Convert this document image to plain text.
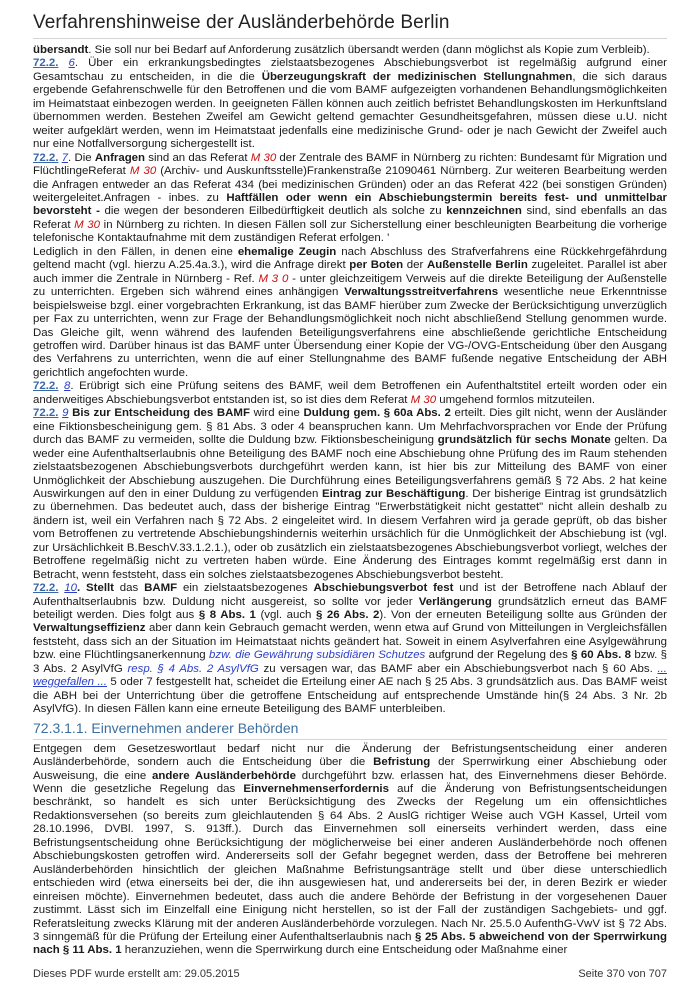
Verfahrenshinweise der Ausländerbehörde Berlin

übersandt. Sie soll nur bei Bedarf auf Anforderung zusätzlich übersandt werden (dann möglichst als Kopie zum Verbleib).

72.2. 6. Über ein erkrankungsbedingtes zielstaatsbezogenes Abschiebungsverbot ist regelmäßig aufgrund einer Gesamtschau zu entscheiden, in die die Überzeugungskraft der medizinischen Stellungnahmen, die sich daraus ergebende Gefahrenschwelle für den Betroffenen und die vom BAMF aufgezeigten vorhandenen Behandlungsmöglichkeiten im Heimatstaat einbezogen werden. In geeigneten Fällen können auch zeitlich befristet Behandlungskosten im Herkunftsland übernommen werden. Bestehen Zweifel am Gewicht geltend gemachter Gesundheitsgefahren, müssen diese u.U. nicht weiter aufgeklärt werden, wenn im Heimatstaat jedenfalls eine medizinische Grund- oder je nach Gewicht der Zweifel auch nur eine Notfallversorgung sichergestellt ist.

72.2. 7. Die Anfragen sind an das Referat M 30 der Zentrale des BAMF in Nürnberg zu richten: Bundesamt für Migration und FlüchtlingeReferat M 30 (Archiv- und Auskunftsstelle)Frankenstraße 21090461 Nürnberg. Zur weiteren Bearbeitung werden die Anfragen entweder an das Referat 434 (bei medizinischen Gründen) oder an das Referat 422 (bei sonstigen Gründen) weitergeleitet.Anfragen - inbes. zu Haftfällen oder wenn ein Abschiebungstermin bereits fest- und unmittelbar bevorsteht - die wegen der besonderen Eilbedürftigkeit deutlich als solche zu kennzeichnen sind, sind ebenfalls an das Referat M 30 in Nürnberg zu richten. In diesen Fällen soll zur Sicherstellung einer beschleunigten Bearbeitung die vorherige telefonische Kontaktaufnahme mit dem zuständigen Referat erfolgen. '

Lediglich in den Fällen, in denen eine ehemalige Zeugin nach Abschluss des Strafverfahrens eine Rückkehrgefährdung geltend macht (vgl. hierzu A.25.4a.3.), wird die Anfrage direkt per Boten der Außenstelle Berlin zugeleitet. Parallel ist aber auch immer die Zentrale in Nürnberg - Ref. M 3 0 - unter gleichzeitigem Verweis auf die direkte Beteiligung der Außenstelle zu unterrichten. Ergeben sich während eines anhängigen Verwaltungsstreitverfahrens wesentliche neue Erkenntnisse beispielsweise bzgl. einer vorgebrachten Erkrankung, ist das BAMF hierüber zum Zwecke der Berücksichtigung unverzüglich per Fax zu unterrichten, wenn zur Frage der Behandlungsmöglichkeit noch nicht abschließend Stellung genommen wurde. Das Gleiche gilt, wenn während des laufenden Beteiligungsverfahrens eine abschließende gerichtliche Entscheidung getroffen wird. Darüber hinaus ist das BAMF unter Übersendung einer Kopie der VG-/OVG-Entscheidung über den Ausgang des Verfahrens zu unterrichten, wenn die auf einer Stellungnahme des BAMF fußende negative Entscheidung der ABH gerichtlich angefochten wurde.

72.2. 8. Erübrigt sich eine Prüfung seitens des BAMF, weil dem Betroffenen ein Aufenthaltstitel erteilt worden oder ein anderweitiges Abschiebungsverbot entstanden ist, so ist dies dem Referat M 30 umgehend formlos mitzuteilen.

72.2. 9 Bis zur Entscheidung des BAMF wird eine Duldung gem. § 60a Abs. 2 erteilt. Dies gilt nicht, wenn der Ausländer eine Fiktionsbescheinigung gem. § 81 Abs. 3 oder 4 beanspruchen kann. Um Mehrfachvorsprachen vor Ende der Prüfung durch das BAMF zu vermeiden, sollte die Duldung bzw. Fiktionsbescheinigung grundsätzlich für sechs Monate gelten. Da weder eine Aufenthaltserlaubnis ohne Beteiligung des BAMF noch eine Abschiebung ohne Prüfung des im Raum stehenden zielstaatsbezogenen Abschiebungsverbots durchgeführt werden kann, ist hier bis zur Mitteilung des BAMF von einer Unmöglichkeit der Abschiebung auszugehen. Die Durchführung eines Beteiligungsverfahrens gemäß § 72 Abs. 2 hat keine Auswirkungen auf den in einer Duldung zu verfügenden Eintrag zur Beschäftigung. Der bisherige Eintrag ist grundsätzlich zu übernehmen. Das bedeutet auch, dass der bisherige Eintrag "Erwerbstätigkeit nicht gestattet" nicht allein deshalb zu ändern ist, weil ein Verfahren nach § 72 Abs. 2 eingeleitet wird. In diesem Verfahren wird ja gerade geprüft, ob das bisher vom Betroffenen zu vertretende Abschiebungshindernis weiterhin ursächlich für die Unmöglichkeit der Abschiebung ist (vgl. zur Ursächlichkeit B.BeschV.33.1.2.1.), oder ob zusätzlich ein zielstaatsbezogenes Abschiebungsverbot vorliegt, welches der Betroffene regelmäßig nicht zu vertreten haben würde. Eine Änderung des Eintrages kommt regelmäßig erst dann in Betracht, wenn feststeht, dass ein solches zielstaatsbezogenes Abschiebungsverbot besteht.

72.2. 10. Stellt das BAMF ein zielstaatsbezogenes Abschiebungsverbot fest und ist der Betroffene nach Ablauf der Aufenthaltserlaubnis bzw. Duldung nicht ausgereist, so sollte vor jeder Verlängerung grundsätzlich erneut das BAMF beteiligt werden. Dies folgt aus § 8 Abs. 1 (vgl. auch § 26 Abs. 2). Von der erneuten Beteiligung sollte aus Gründen der Verwaltungseffizienz aber dann kein Gebrauch gemacht werden, wenn etwa auf Grund von Mitteilungen in Vergleichsfällen feststeht, dass sich an der Situation im Heimatstaat nichts geändert hat. Soweit in einem Asylverfahren eine Asylgewährung bzw. eine Flüchtlingsanerkennung bzw. die Gewährung subsidiären Schutzes aufgrund der Regelung des § 60 Abs. 8 bzw. § 3 Abs. 2 AsylVfG resp. § 4 Abs. 2 AsylVfG zu versagen war, das BAMF aber ein Abschiebungsverbot nach § 60 Abs. ... weggefallen ... 5 oder 7 festgestellt hat, scheidet die Erteilung einer AE nach § 25 Abs. 3 grundsätzlich aus. Das BAMF weist die ABH bei der Unterrichtung über die getroffene Entscheidung auf entsprechende Umstände hin(§ 24 Abs. 3 Nr. 2b AsylVfG). In diesen Fällen kann eine erneute Beteiligung des BAMF unterbleiben.

72.3.1.1. Einvernehmen anderer Behörden

Entgegen dem Gesetzeswortlaut bedarf nicht nur die Änderung der Befristungsentscheidung einer anderen Ausländerbehörde, sondern auch die Entscheidung über die Befristung der Sperrwirkung einer Abschiebung oder Ausweisung, die eine andere Ausländerbehörde durchgeführt bzw. erlassen hat, des Einvernehmens dieser Behörde. Wenn die gesetzliche Regelung das Einvernehmenserfordernis auf die Änderung von Befristungsentscheidungen beschränkt, so handelt es sich unter Berücksichtigung des Zwecks der Regelung um ein offensichtliches Redaktionsversehen (so bereits zum gleichlautenden § 64 Abs. 2 AuslG richtiger Weise auch VGH Kassel, Urteil vom 28.10.1996, DVBl. 1997, S. 913ff.). Durch das Einvernehmen soll einerseits verhindert werden, dass eine Befristungsentscheidung ohne Berücksichtigung der möglicherweise bei einer anderen Ausländerbehörde noch offenen Abschiebungskosten getroffen wird. Andererseits soll der Gefahr begegnet werden, dass der Betroffene bei mehreren Ausländerbehörden hinsichtlich der gleichen Maßnahme Befristungsanträge stellt und über diese unterschiedlich entschieden wird (etwa einerseits bei der, die ihn ausgewiesen hat, und andererseits bei der, in deren Bezirk er wieder einreisen möchte). Einvernehmen bedeutet, dass auch die andere Behörde der Befristung in der vorgesehenen Dauer zustimmt. Lässt sich im Einzelfall eine Einigung nicht herstellen, so ist der Fall der zuständigen Sachgebiets- und ggf. Referatsleitung zwecks Klärung mit der anderen Ausländerbehörde vorzulegen. Nach Nr. 25.5.0 AufenthG-VwV ist § 72 Abs. 3 sinngemäß für die Prüfung der Erteilung einer Aufenthaltserlaubnis nach § 25 Abs. 5 abweichend von der Sperrwirkung nach § 11 Abs. 1 heranzuziehen, wenn die Sperrwirkung durch eine Entscheidung oder Maßnahme einer

Dieses PDF wurde erstellt am: 29.05.2015	Seite 370 von 707
